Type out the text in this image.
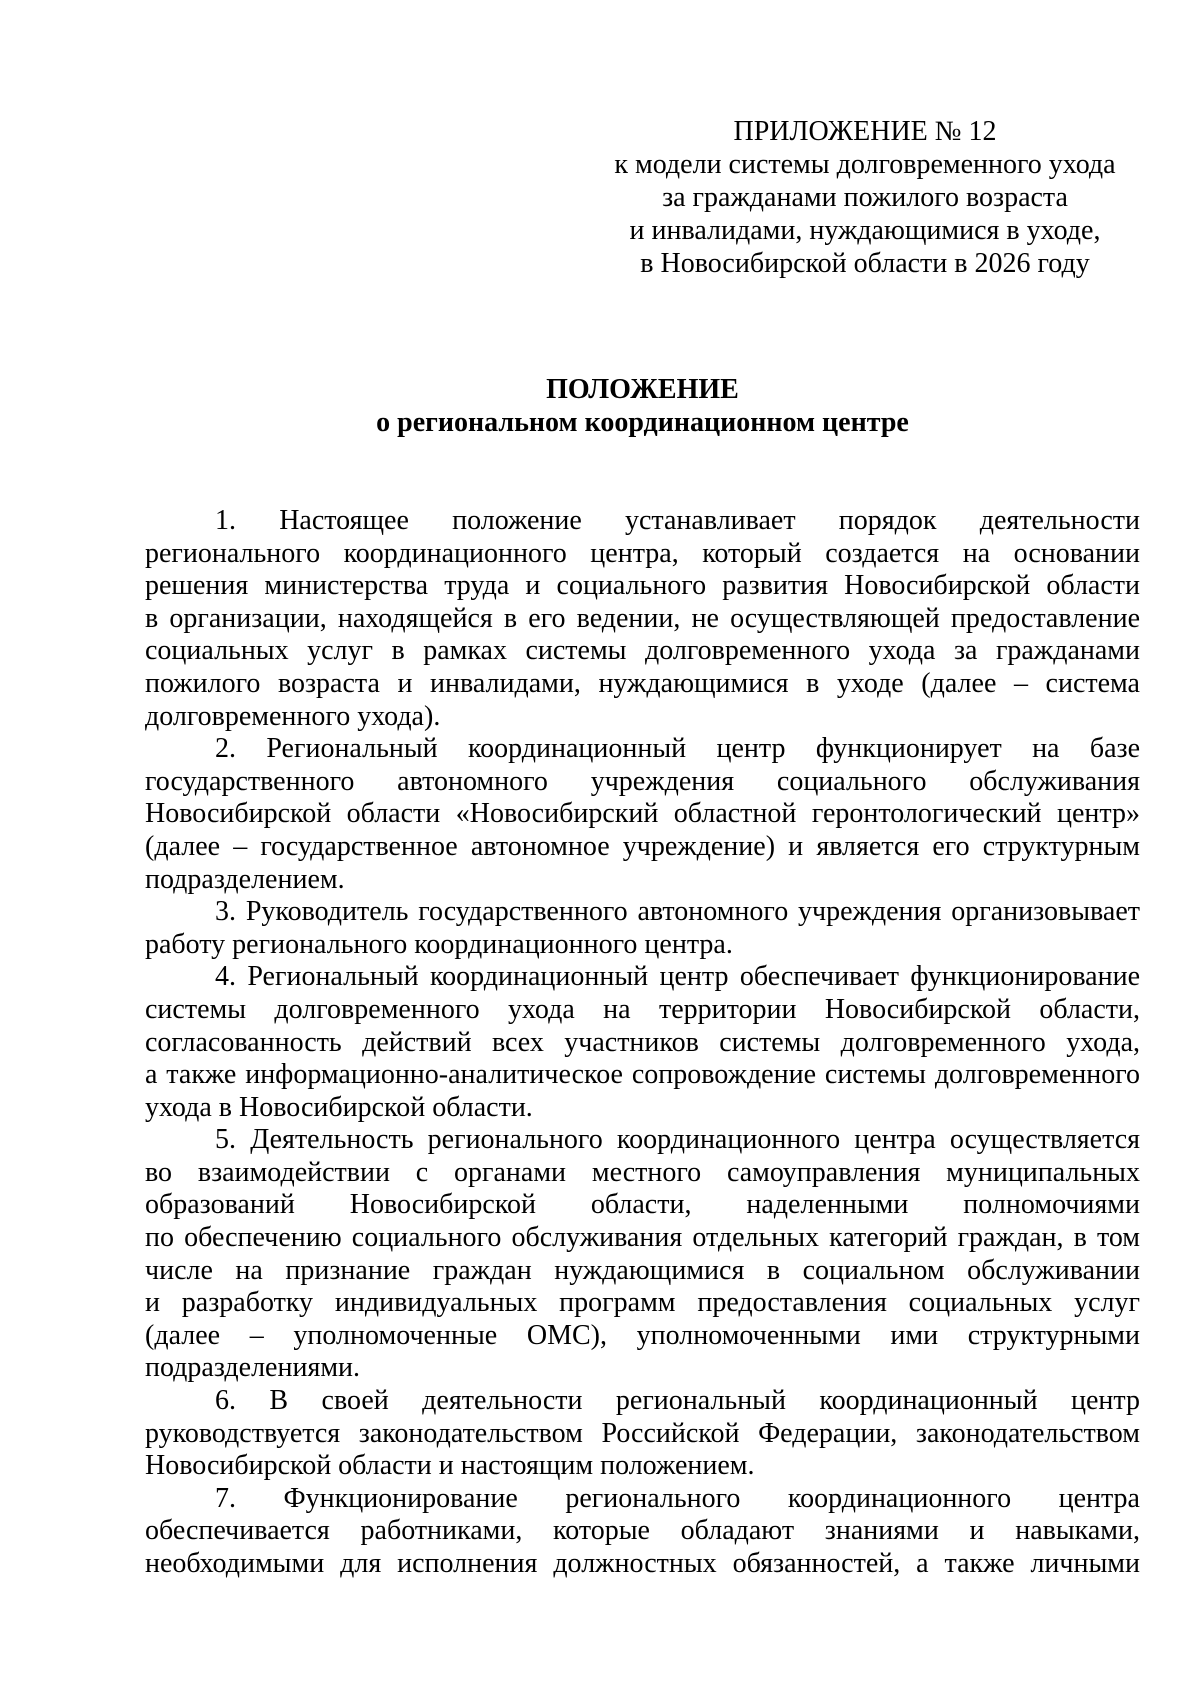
ПРИЛОЖЕНИЕ № 12
к модели системы долговременного ухода
за гражданами пожилого возраста
и инвалидами, нуждающимися в уходе,
в Новосибирской области в 2026 году
ПОЛОЖЕНИЕ
о региональном координационном центре
1. Настоящее положение устанавливает порядок деятельности
регионального координационного центра, который создается на основании
решения министерства труда и социального развития Новосибирской области
в организации, находящейся в его ведении, не осуществляющей предоставление
социальных услуг в рамках системы долговременного ухода за гражданами
пожилого возраста и инвалидами, нуждающимися в уходе (далее – система
долговременного ухода).
2. Региональный координационный центр функционирует на базе
государственного автономного учреждения социального обслуживания
Новосибирской области «Новосибирский областной геронтологический центр»
(далее – государственное автономное учреждение) и является его структурным
подразделением.
3. Руководитель государственного автономного учреждения организовывает
работу регионального координационного центра.
4. Региональный координационный центр обеспечивает функционирование
системы долговременного ухода на территории Новосибирской области,
согласованность действий всех участников системы долговременного ухода,
а также информационно-аналитическое сопровождение системы долговременного
ухода в Новосибирской области.
5. Деятельность регионального координационного центра осуществляется
во взаимодействии с органами местного самоуправления муниципальных
образований Новосибирской области, наделенными полномочиями
по обеспечению социального обслуживания отдельных категорий граждан, в том
числе на признание граждан нуждающимися в социальном обслуживании
и разработку индивидуальных программ предоставления социальных услуг
(далее – уполномоченные ОМС), уполномоченными ими структурными
подразделениями.
6. В своей деятельности региональный координационный центр
руководствуется законодательством Российской Федерации, законодательством
Новосибирской области и настоящим положением.
7. Функционирование регионального координационного центра
обеспечивается работниками, которые обладают знаниями и навыками,
необходимыми для исполнения должностных обязанностей, а также личными
